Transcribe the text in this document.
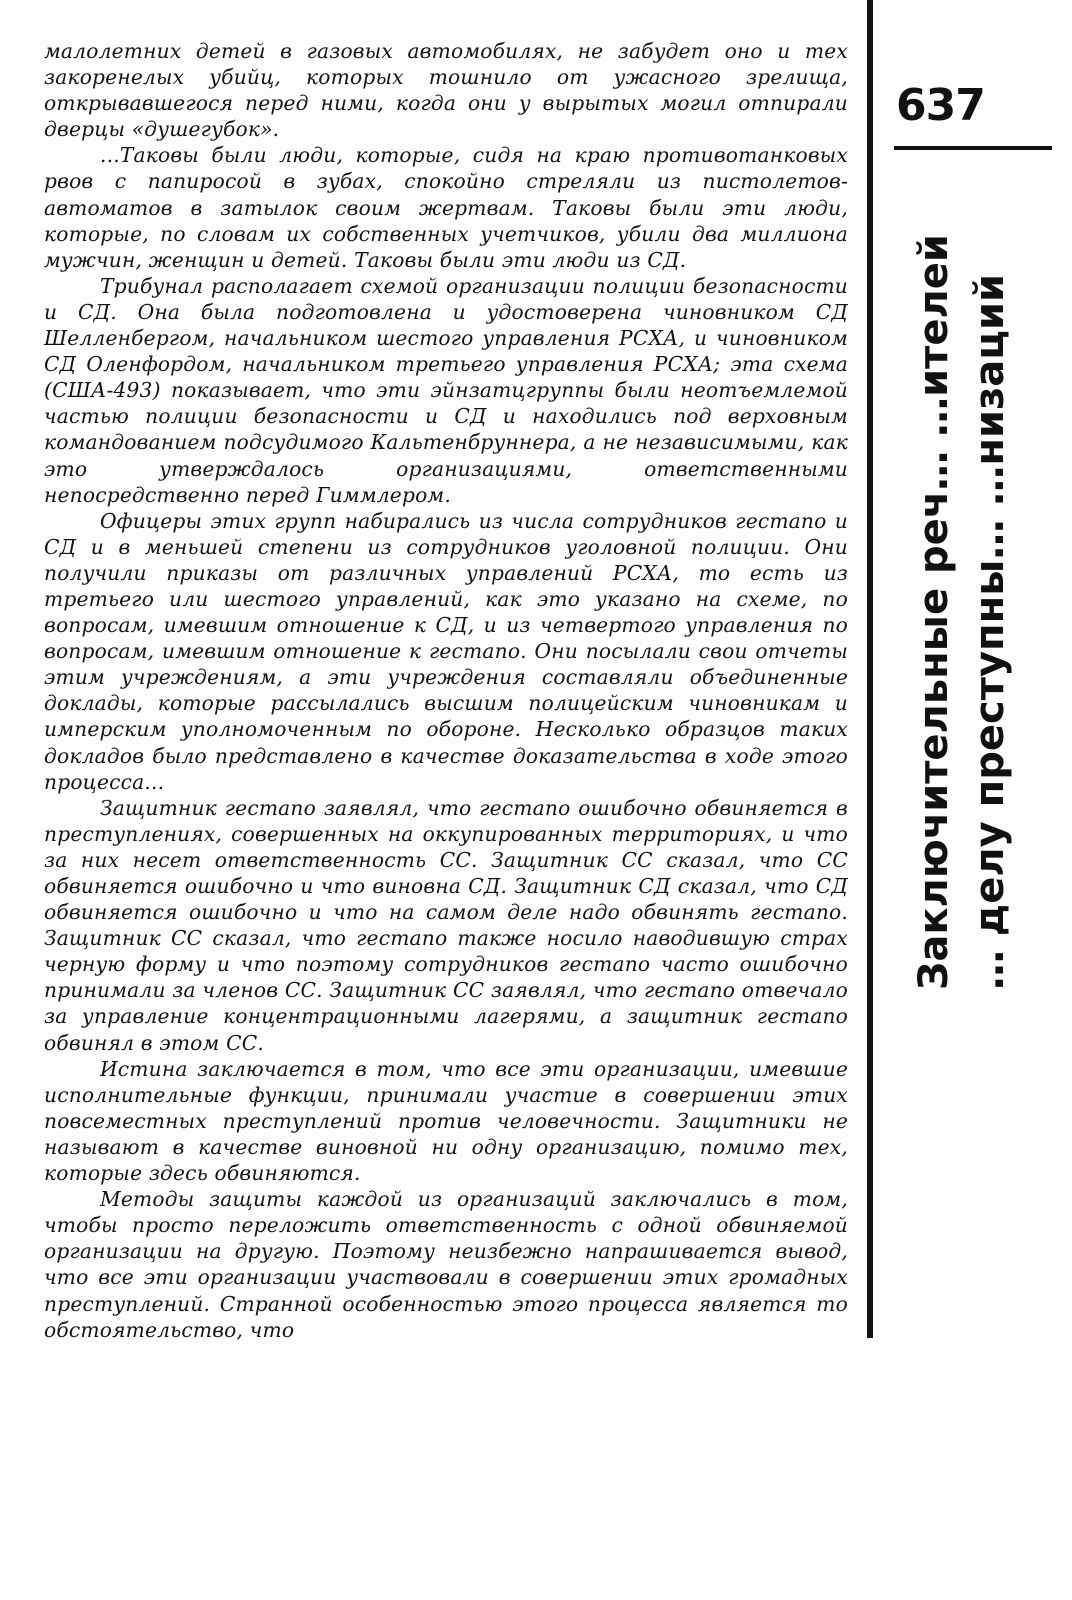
малолетних детей в газовых автомобилях, не забудет оно и тех закоренелых убийц, которых тошнило от ужасного зрелища, открывавшегося перед ними, когда они у вырытых могил отпирали дверцы «душегубок».

...Таковы были люди, которые, сидя на краю противотанковых рвов с папиросой в зубах, спокойно стреляли из пистолетов-автоматов в затылок своим жертвам. Таковы были эти люди, которые, по словам их собственных учетчиков, убили два миллиона мужчин, женщин и детей. Таковы были эти люди из СД.

Трибунал располагает схемой организации полиции безопасности и СД. Она была подготовлена и удостоверена чиновником СД Шелленбергом, начальником шестого управления РСХА, и чиновником СД Оленфордом, начальником третьего управления РСХА; эта схема (США-493) показывает, что эти эйнзатцгруппы были неотъемлемой частью полиции безопасности и СД и находились под верховным командованием подсудимого Кальтенбруннера, а не независимыми, как это утверждалось организациями, ответственными непосредственно перед Гиммлером.

Офицеры этих групп набирались из числа сотрудников гестапо и СД и в меньшей степени из сотрудников уголовной полиции. Они получили приказы от различных управлений РСХА, то есть из третьего или шестого управлений, как это указано на схеме, по вопросам, имевшим отношение к СД, и из четвертого управления по вопросам, имевшим отношение к гестапо. Они посылали свои отчеты этим учреждениям, а эти учреждения составляли объединенные доклады, которые рассылались высшим полицейским чиновникам и имперским уполномоченным по обороне. Несколько образцов таких докладов было представлено в качестве доказательства в ходе этого процесса...

Защитник гестапо заявлял, что гестапо ошибочно обвиняется в преступлениях, совершенных на оккупированных территориях, и что за них несет ответственность СС. Защитник СС сказал, что СС обвиняется ошибочно и что виновна СД. Защитник СД сказал, что СД обвиняется ошибочно и что на самом деле надо обвинять гестапо. Защитник СС сказал, что гестапо также носило наводившую страх черную форму и что поэтому сотрудников гестапо часто ошибочно принимали за членов СС. Защитник СС заявлял, что гестапо отвечало за управление концентрационными лагерями, а защитник гестапо обвинял в этом СС.

Истина заключается в том, что все эти организации, имевшие исполнительные функции, принимали участие в совершении этих повсеместных преступлений против человечности. Защитники не называют в качестве виновной ни одну организацию, помимо тех, которые здесь обвиняются.

Методы защиты каждой из организаций заключались в том, чтобы просто переложить ответственность с одной обвиняемой организации на другую. Поэтому неизбежно напрашивается вывод, что все эти организации участвовали в совершении этих громадных преступлений. Странной особенностью этого процесса является то обстоятельство, что

637
Заключительные реч… …ителей … делу преступны… …низаций
